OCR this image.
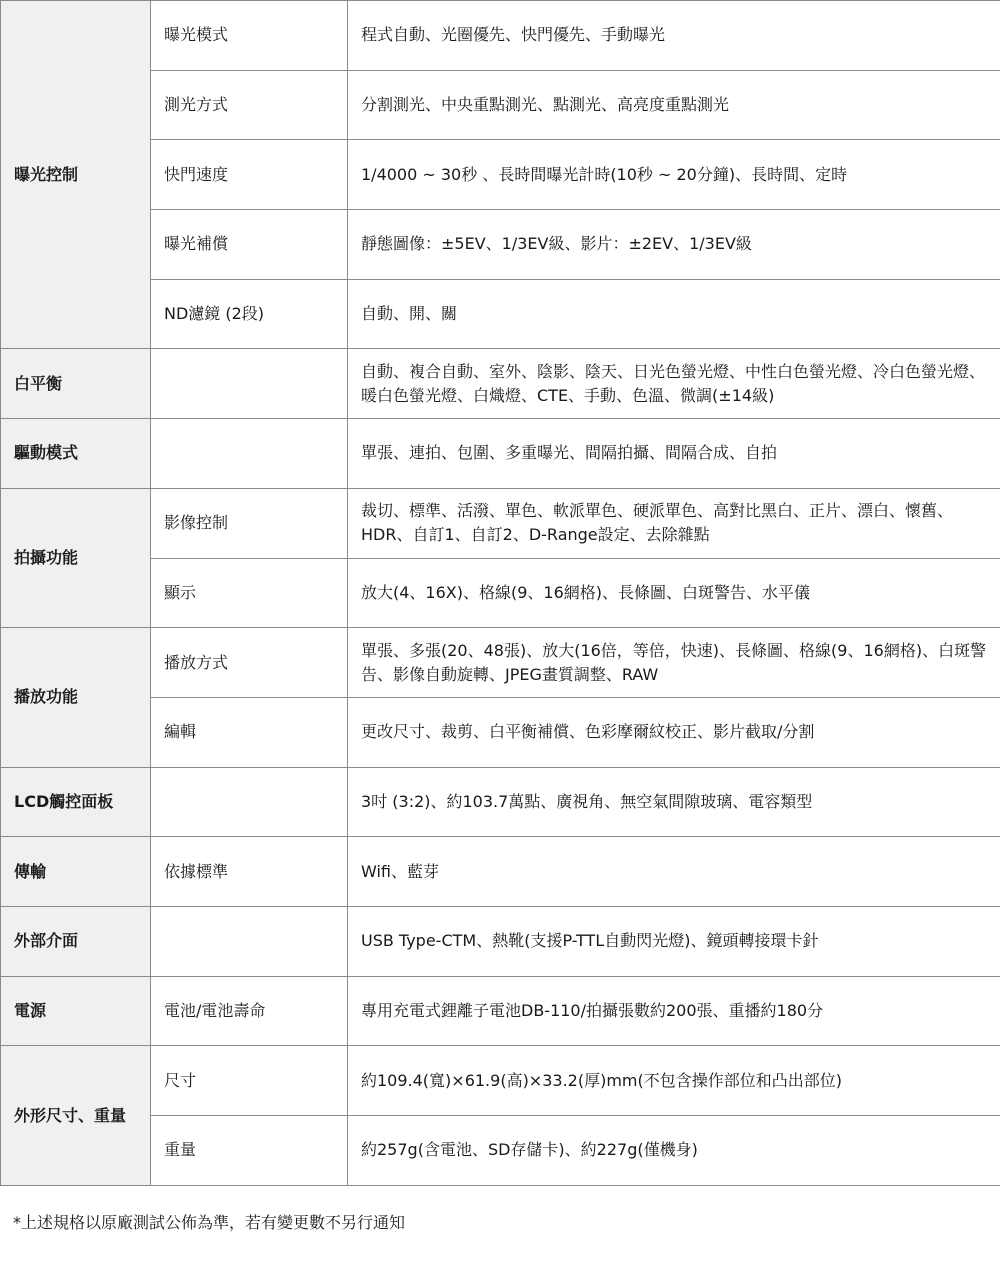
曝光控制	曝光模式	程式自動、光圈優先、快門優先、手動曝光
	測光方式	分割測光、中央重點測光、點測光、高亮度重點測光
	快門速度	1/4000 ~ 30秒 、長時間曝光計時(10秒 ~ 20分鐘)、長時間、定時
	曝光補償	靜態圖像：±5EV、1/3EV級、影片：±2EV、1/3EV級
	ND濾鏡 (2段)	自動、開、關
白平衡		自動、複合自動、室外、陰影、陰天、日光色螢光燈、中性白色螢光燈、冷白色螢光燈、暖白色螢光燈、白熾燈、CTE、手動、色溫、微調(±14級)
驅動模式		單張、連拍、包圍、多重曝光、間隔拍攝、間隔合成、自拍
拍攝功能	影像控制	裁切、標準、活潑、單色、軟派單色、硬派單色、高對比黑白、正片、漂白、懷舊、HDR、自訂1、自訂2、D-Range設定、去除雜點
	顯示	放大(4、16X)、格線(9、16網格)、長條圖、白斑警告、水平儀
播放功能	播放方式	單張、多張(20、48張)、放大(16倍，等倍，快速)、長條圖、格線(9、16網格)、白斑警告、影像自動旋轉、JPEG畫質調整、RAW
	編輯	更改尺寸、裁剪、白平衡補償、色彩摩爾紋校正、影片截取/分割
LCD觸控面板		3吋 (3:2)、約103.7萬點、廣視角、無空氣間隙玻璃、電容類型
傳輸	依據標準	Wifi、藍芽
外部介面		USB Type-CTM、熱靴(支援P-TTL自動閃光燈)、鏡頭轉接環卡針
電源	電池/電池壽命	專用充電式鋰離子電池DB-110/拍攝張數約200張、重播約180分
外形尺寸、重量	尺寸	約109.4(寬)×61.9(高)×33.2(厚)mm(不包含操作部位和凸出部位)
	重量	約257g(含電池、SD存儲卡)、約227g(僅機身)
*上述規格以原廠測試公佈為準，若有變更數不另行通知
